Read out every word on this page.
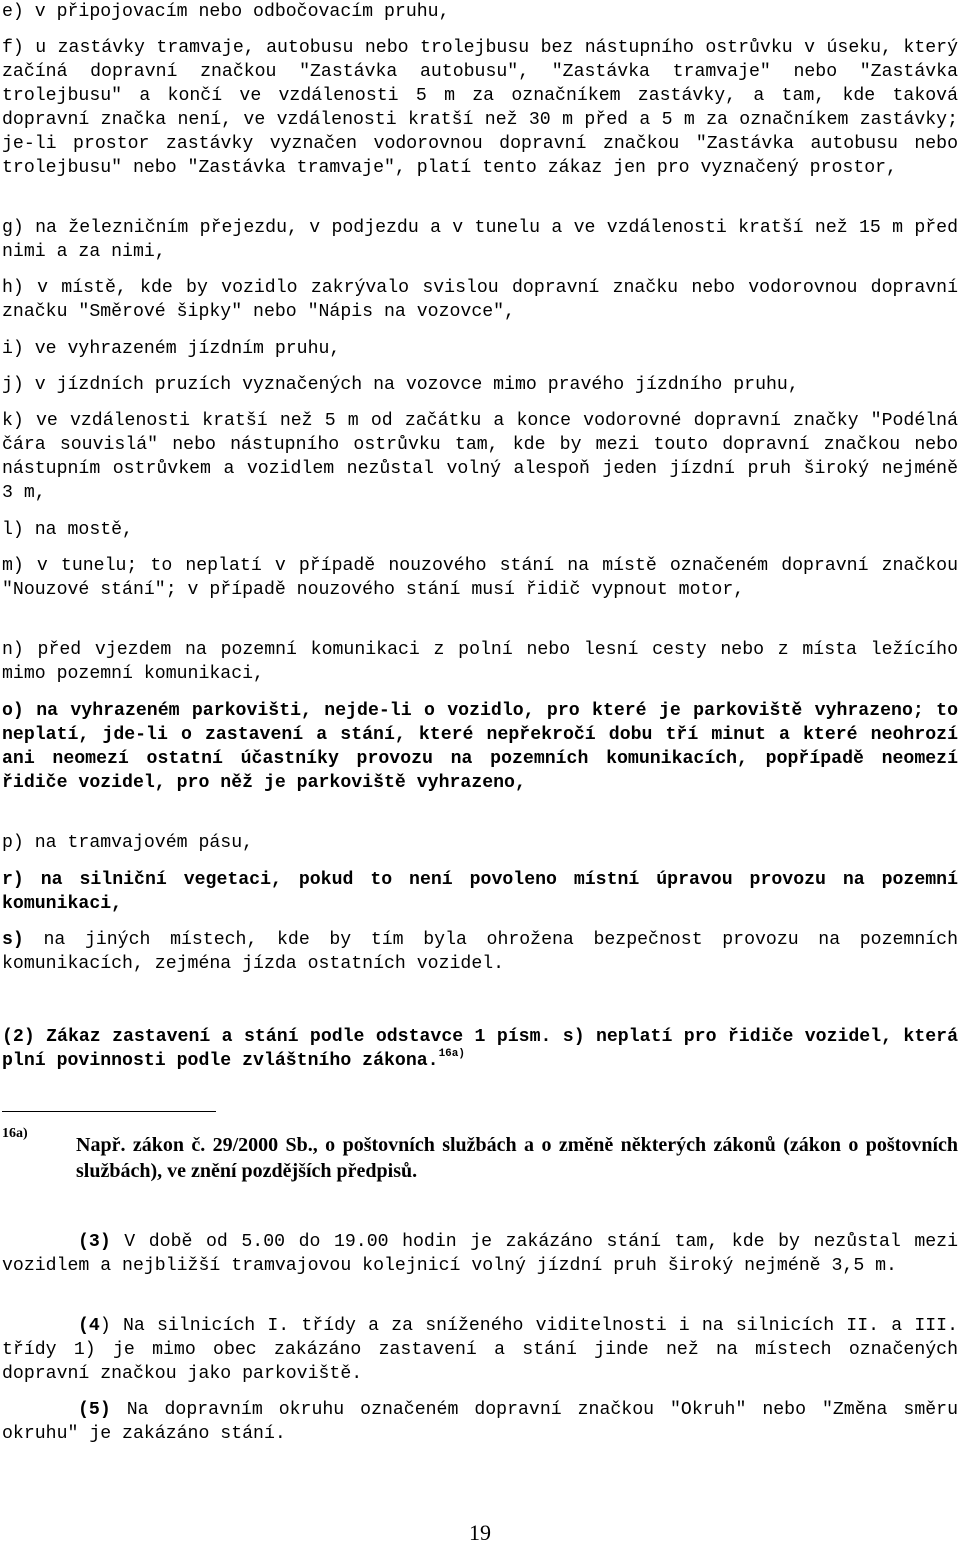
e) v připojovacím nebo odbočovacím pruhu,

f) u zastávky tramvaje, autobusu nebo trolejbusu bez nástupního ostrůvku v úseku, který začíná dopravní značkou "Zastávka autobusu", "Zastávka tramvaje" nebo "Zastávka trolejbusu" a končí ve vzdálenosti 5 m za označníkem zastávky, a tam, kde taková dopravní značka není, ve vzdálenosti kratší než 30 m před a 5 m za označníkem zastávky; je-li prostor zastávky vyznačen vodorovnou dopravní značkou "Zastávka autobusu nebo trolejbusu" nebo "Zastávka tramvaje", platí tento zákaz jen pro vyznačený prostor,

g) na železničním přejezdu, v podjezdu a v tunelu a ve vzdálenosti kratší než 15 m před nimi a za nimi,

h) v místě, kde by vozidlo zakrývalo svislou dopravní značku nebo vodorovnou dopravní značku "Směrové šipky" nebo "Nápis na vozovce",

i) ve vyhrazeném jízdním pruhu,

j) v jízdních pruzích vyznačených na vozovce mimo pravého jízdního pruhu,

k) ve vzdálenosti kratší než 5 m od začátku a konce vodorovné dopravní značky "Podélná čára souvislá" nebo nástupního ostrůvku tam, kde by mezi touto dopravní značkou nebo nástupním ostrůvkem a vozidlem nezůstal volný alespoň jeden jízdní pruh široký nejméně 3 m,

l) na mostě,

m) v tunelu; to neplatí v případě nouzového stání na místě označeném dopravní značkou "Nouzové stání"; v případě nouzového stání musí řidič vypnout motor,

n) před vjezdem na pozemní komunikaci z polní nebo lesní cesty nebo z místa ležícího mimo pozemní komunikaci,

o) na vyhrazeném parkovišti, nejde-li o vozidlo, pro které je parkoviště vyhrazeno; to neplatí, jde-li o zastavení a stání, které nepřekročí dobu tří minut a které neohrozí ani neomezí ostatní účastníky provozu na pozemních komunikacích, popřípadě neomezí řidiče vozidel, pro něž je parkoviště vyhrazeno,

p) na tramvajovém pásu,

r) na silniční vegetaci, pokud to není povoleno místní úpravou provozu na pozemní komunikaci,

s) na jiných místech, kde by tím byla ohrožena bezpečnost provozu na pozemních komunikacích, zejména jízda ostatních vozidel.

(2) Zákaz zastavení a stání podle odstavce 1 písm. s) neplatí pro řidiče vozidel, která plní povinnosti podle zvláštního zákona.$^{16a)}$

(3) V době od 5.00 do 19.00 hodin je zakázáno stání tam, kde by nezůstal mezi vozidlem a nejbližší tramvajovou kolejnicí volný jízdní pruh široký nejméně 3,5 m.

(4) Na silnicích I. třídy a za sníženého viditelnosti i na silnicích II. a III. třídy 1) je mimo obec zakázáno zastavení a stání jinde než na místech označených dopravní značkou jako parkoviště.

(5) Na dopravním okruhu označeném dopravní značkou "Okruh" nebo "Změna směru okruhu" je zakázáno stání.

16a)
Např. zákon č. 29/2000 Sb., o poštovních službách a o změně některých zákonů (zákon o poštovních službách), ve znění pozdějších předpisů.
19
